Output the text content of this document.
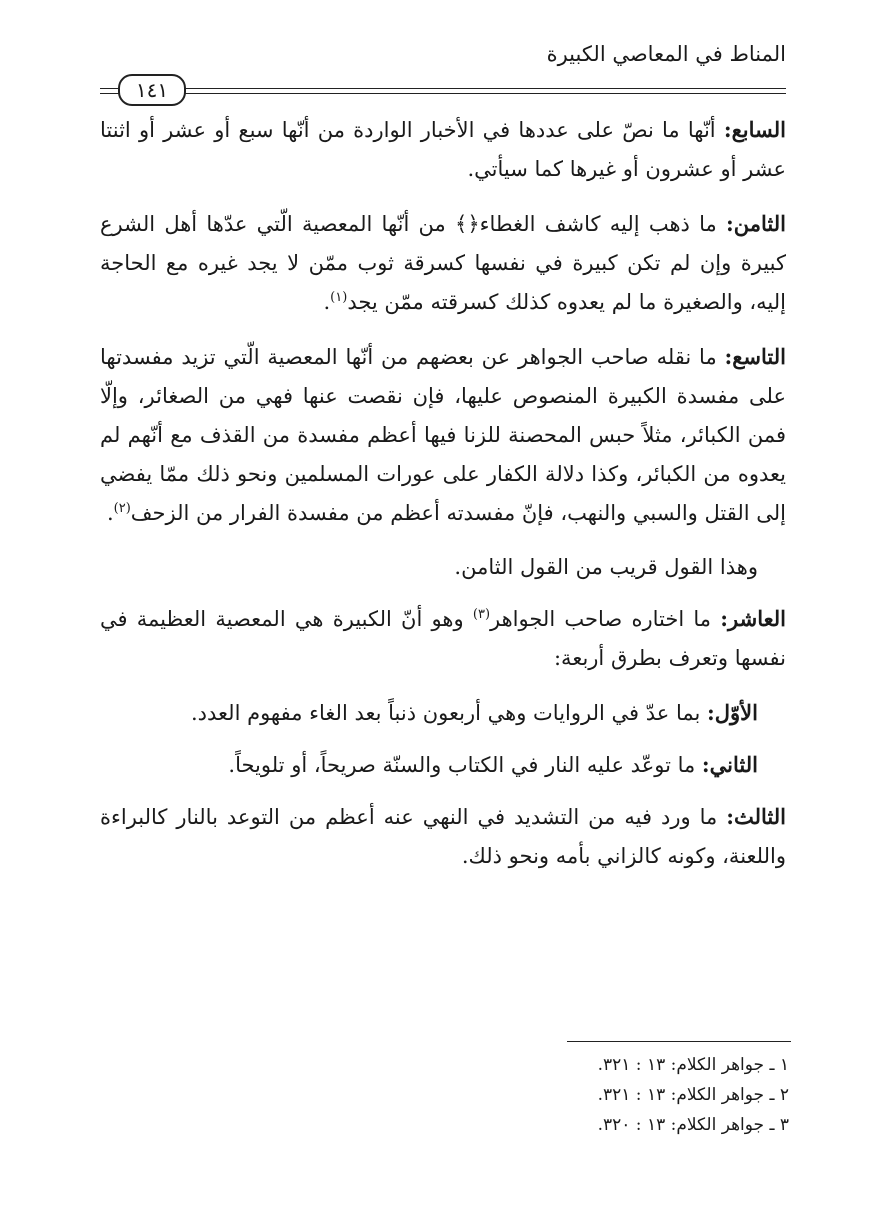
المناط في المعاصي الكبيرة
١٤١

السابع: أنّها ما نصّ على عددها في الأخبار الواردة من أنّها سبع أو عشر أو اثنتا عشر أو عشرون أو غيرها كما سيأتي.

الثامن: ما ذهب إليه كاشف الغطاء﴿﴾ من أنّها المعصية الّتي عدّها أهل الشرع كبيرة وإن لم تكن كبيرة في نفسها كسرقة ثوب ممّن لا يجد غيره مع الحاجة إليه، والصغيرة ما لم يعدوه كذلك كسرقته ممّن يجد$^{(١)}$.

التاسع: ما نقله صاحب الجواهر عن بعضهم من أنّها المعصية الّتي تزيد مفسدتها على مفسدة الكبيرة المنصوص عليها، فإن نقصت عنها فهي من الصغائر، وإلّا فمن الكبائر، مثلاً حبس المحصنة للزنا فيها أعظم مفسدة من القذف مع أنّهم لم يعدوه من الكبائر، وكذا دلالة الكفار على عورات المسلمين ونحو ذلك ممّا يفضي إلى القتل والسبي والنهب، فإنّ مفسدته أعظم من مفسدة الفرار من الزحف$^{(٢)}$.

وهذا القول قريب من القول الثامن.

العاشر: ما اختاره صاحب الجواهر$^{(٣)}$ وهو أنّ الكبيرة هي المعصية العظيمة في نفسها وتعرف بطرق أربعة:

الأوّل: بما عدّ في الروايات وهي أربعون ذنباً بعد الغاء مفهوم العدد.

الثاني: ما توعّد عليه النار في الكتاب والسنّة صريحاً، أو تلويحاً.

الثالث: ما ورد فيه من التشديد في النهي عنه أعظم من التوعد بالنار كالبراءة واللعنة، وكونه كالزاني بأمه ونحو ذلك.

١ ـ جواهر الكلام: ١٣ : ٣٢١.

٢ ـ جواهر الكلام: ١٣ : ٣٢١.

٣ ـ جواهر الكلام: ١٣ : ٣٢٠.
